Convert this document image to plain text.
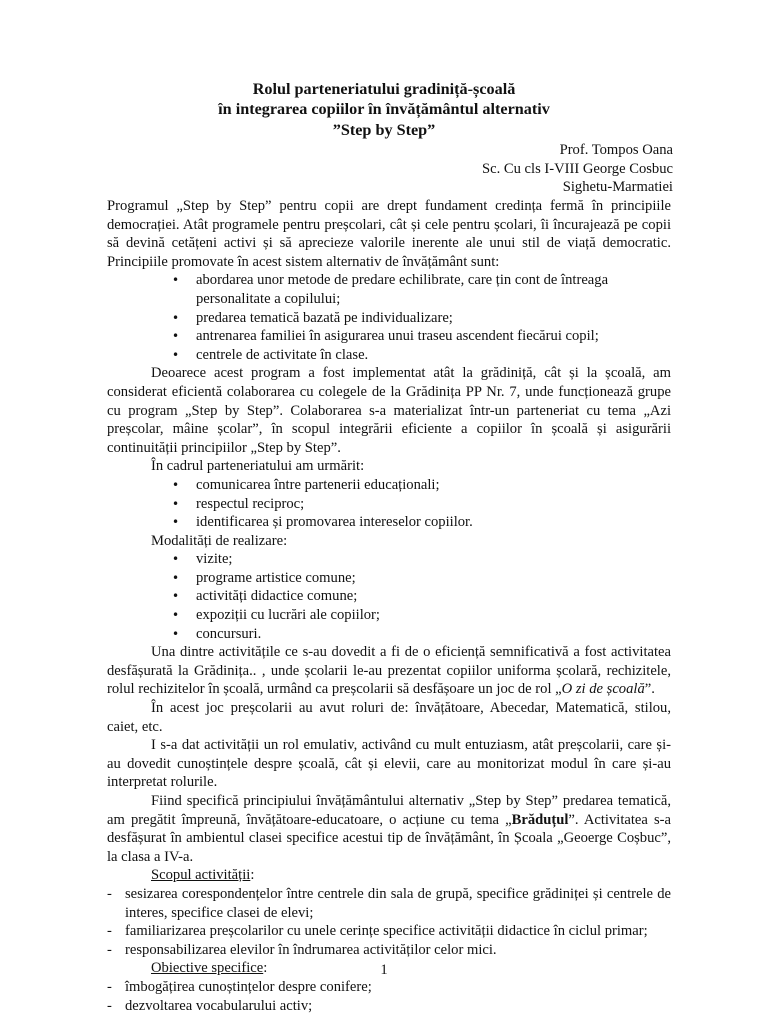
Rolul parteneriatului gradiniță-școală

în integrarea copiilor în învățământul alternativ

”Step by Step”

Prof. Tompos Oana
Sc. Cu cls I-VIII George Cosbuc
Sighetu-Marmatiei

Programul „Step by Step” pentru copii are drept fundament credința fermă în principiile democrației. Atât programele pentru preșcolari, cât și cele pentru școlari, îi încurajează pe copii să devină cetățeni activi și să aprecieze valorile inerente ale unui stil de viață democratic. Principiile promovate în acest sistem alternativ de învățământ sunt:

• abordarea unor metode de predare echilibrate, care țin cont de întreaga personalitate a copilului;
• predarea tematică bazată pe individualizare;
• antrenarea familiei în asigurarea unui traseu ascendent fiecărui copil;
• centrele de activitate în clase.

Deoarece acest program a fost implementat atât la grădiniță, cât și la școală, am considerat eficientă colaborarea cu colegele de la Grădinița PP Nr. 7, unde funcționează grupe cu program „Step by Step”. Colaborarea s-a materializat într-un parteneriat cu tema „Azi preșcolar, mâine școlar”, în scopul integrării eficiente a copiilor în școală și asigurării continuității principiilor „Step by Step”.

În cadrul parteneriatului am urmărit:

• comunicarea între partenerii educaționali;
• respectul reciproc;
• identificarea și promovarea intereselor copiilor.

Modalități de realizare:

• vizite;
• programe artistice comune;
• activități didactice comune;
• expoziții cu lucrări ale copiilor;
• concursuri.

Una dintre activitățile ce s-au dovedit a fi de o eficiență semnificativă a fost activitatea desfășurată la Grădinița.. , unde școlarii le-au prezentat copiilor uniforma școlară, rechizitele, rolul rechizitelor în școală, urmând ca preșcolarii să desfășoare un joc de rol „O zi de școală”.

În acest joc preșcolarii au avut roluri de: învățătoare, Abecedar, Matematică, stilou, caiet, etc.

I s-a dat activității un rol emulativ, activând cu mult entuziasm, atât preșcolarii, care și-au dovedit cunoștințele despre școală, cât și elevii, care au monitorizat modul în care și-au interpretat rolurile.

Fiind specifică principiului învățământului alternativ „Step by Step” predarea tematică, am pregătit împreună, învățătoare-educatoare, o acțiune cu tema „Brăduțul”. Activitatea s-a desfășurat în ambientul clasei specifice acestui tip de învățământ, în Școala „Geoerge Coșbuc”, la clasa a IV-a.

Scopul activității:

- sesizarea corespondențelor între centrele din sala de grupă, specifice grădiniței și centrele de interes, specifice clasei de elevi;
- familiarizarea preșcolarilor cu unele cerințe specifice activității didactice în ciclul primar;
- responsabilizarea elevilor în îndrumarea activităților celor mici.

Obiective specifice:

- îmbogățirea cunoștințelor despre conifere;
- dezvoltarea vocabularului activ;
1
